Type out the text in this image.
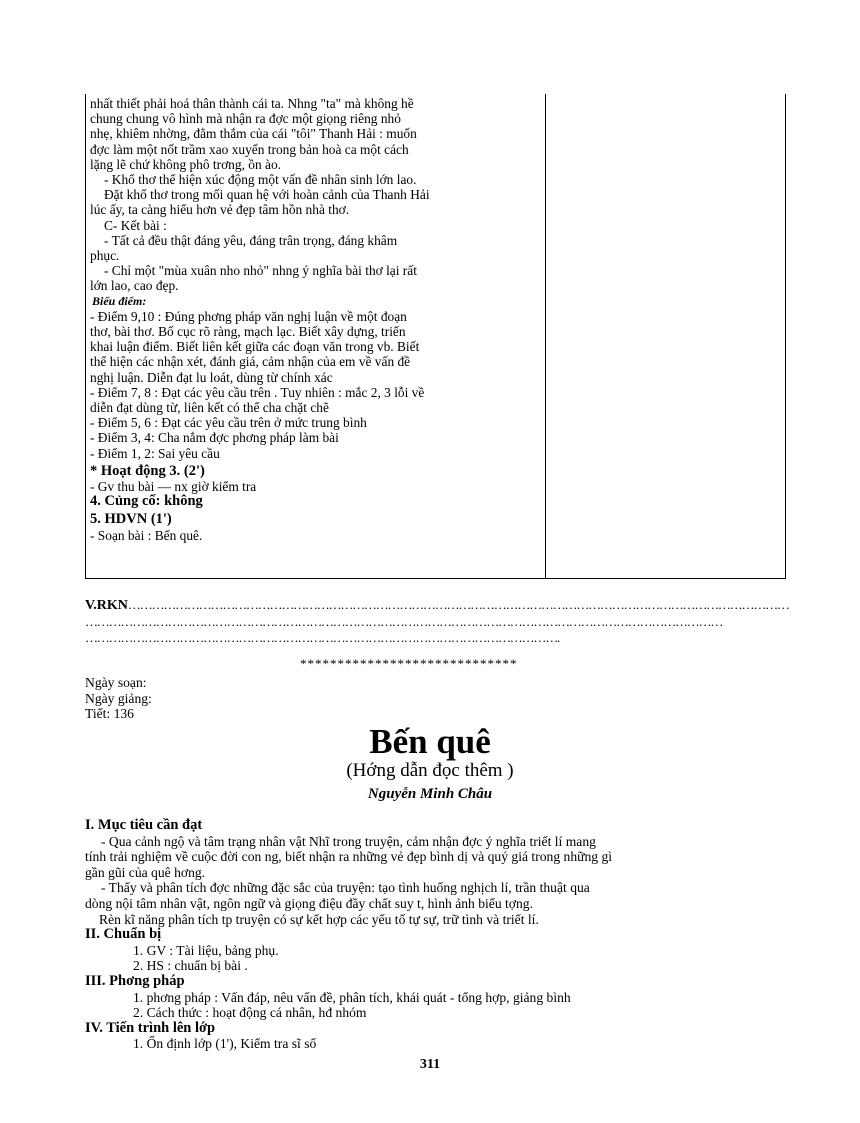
nhất thiết phải hoá thân thành cái ta. Nhng "ta" mà không hề

chung chung vô hình mà nhận ra đợc một giọng riêng nhỏ

nhẹ, khiêm nhờng, đằm thắm của cái "tôi" Thanh Hải : muốn

đợc làm một nốt trầm xao xuyến trong bản hoà ca một cách

lặng lẽ chứ không phô trơng, ồn ào.

- Khổ thơ thể hiện xúc động một vấn đề nhân sinh lớn lao.

Đặt khổ thơ trong mối quan hệ với hoàn cảnh của Thanh Hải

lúc ấy, ta càng hiểu hơn vẻ đẹp tâm hồn nhà thơ.

C- Kết bài :

- Tất cả đều thật đáng yêu, đáng trân trọng, đáng khâm

phục.

- Chỉ một "mùa xuân nho nhỏ" nhng ý nghĩa bài thơ lại rất

lớn lao, cao đẹp.

Biểu điểm:

- Điểm 9,10 : Đúng phơng pháp văn nghị luận về một đoạn

thơ, bài thơ. Bố cục rõ ràng, mạch lạc. Biết xây dựng, triển

khai luận điểm. Biết liên kết giữa các đoạn văn trong vb. Biết

thể hiện các nhận xét, đánh giá, cảm nhận của em về vấn đề

nghị luận. Diễn đạt lu loát, dùng từ chính xác

- Điểm 7, 8 : Đạt các yêu cầu trên . Tuy nhiên : mắc 2, 3 lỗi về

diễn đạt dùng từ, liên kết có thể cha chặt chẽ

- Điểm 5, 6 : Đạt các yêu cầu trên ở mức trung bình

- Điểm 3, 4: Cha nắm đợc phơng pháp làm bài

- Điểm 1, 2: Sai yêu cầu

* Hoạt động 3. (2')

- Gv thu bài — nx giờ kiểm tra

4. Củng cố: không

5. HDVN (1')

- Soạn bài : Bến quê.

V.RKN……………………………………………………………………………………………………………………………………………………
………………………………………………………………………………………………………………………………………………
………………………………………………………………………………………………………….
*****************************
Ngày soạn:
Ngày giảng:
Tiết: 136
Bến quê
(Hớng dẫn đọc thêm )
Nguyễn Minh Châu

I. Mục tiêu cần đạt

- Qua cảnh ngộ và tâm trạng nhân vật Nhĩ trong truyện, cảm nhận đợc ý nghĩa triết lí mang

tính trải nghiệm về cuộc đời con ng, biết nhận ra những vẻ đẹp bình dị và quý giá trong những gì

gần gũi của quê hơng.

- Thấy và phân tích đợc những đặc sắc của truyện: tạo tình huống nghịch lí, trần thuật qua

dòng nội tâm nhân vật, ngôn ngữ và giọng điệu đầy chất suy t, hình ảnh biểu tợng.

Rèn kĩ năng phân tích tp truyện có sự kết hợp các yếu tố tự sự, trữ tình và triết lí.

II. Chuẩn bị

1. GV : Tài liệu, bảng phụ.

2. HS : chuẩn bị bài .

III. Phơng pháp

1. phơng pháp : Vấn đáp, nêu vấn đề, phân tích, khái quát - tổng hợp, giảng bình

2. Cách thức : hoạt động cá nhân, hđ nhóm

IV. Tiến trình lên lớp

1. Ổn định lớp (1'), Kiểm tra sĩ số

311
